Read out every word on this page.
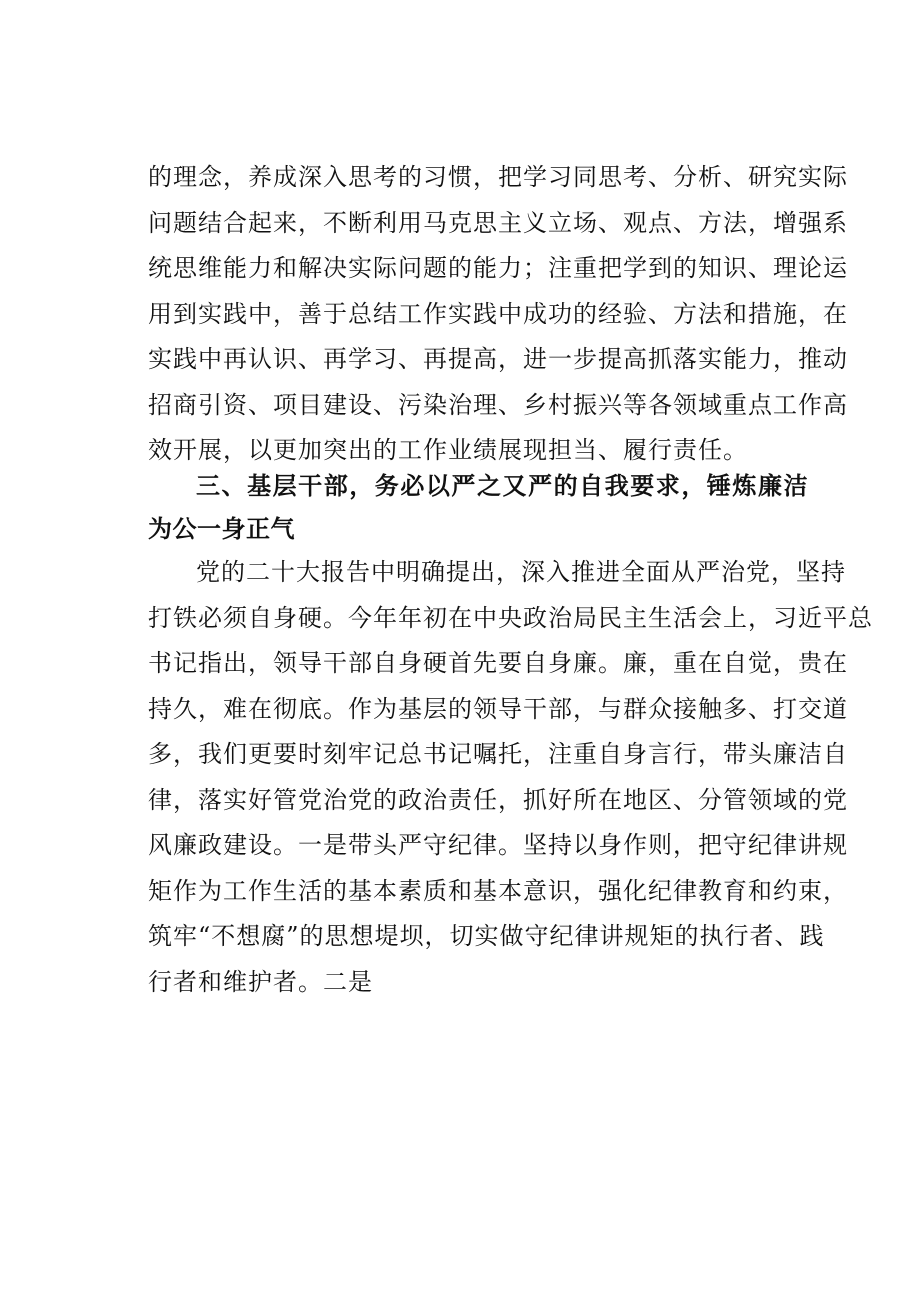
的理念，养成深入思考的习惯，把学习同思考、分析、研究实际
问题结合起来，不断利用马克思主义立场、观点、方法，增强系
统思维能力和解决实际问题的能力；注重把学到的知识、理论运
用到实践中，善于总结工作实践中成功的经验、方法和措施，在
实践中再认识、再学习、再提高，进一步提高抓落实能力，推动
招商引资、项目建设、污染治理、乡村振兴等各领域重点工作高
效开展，以更加突出的工作业绩展现担当、履行责任。
三、基层干部，务必以严之又严的自我要求，锤炼廉洁
为公一身正气
党的二十大报告中明确提出，深入推进全面从严治党，坚持
打铁必须自身硬。今年年初在中央政治局民主生活会上，习近平总
书记指出，领导干部自身硬首先要自身廉。廉，重在自觉，贵在
持久，难在彻底。作为基层的领导干部，与群众接触多、打交道
多，我们更要时刻牢记总书记嘱托，注重自身言行，带头廉洁自
律，落实好管党治党的政治责任，抓好所在地区、分管领域的党
风廉政建设。一是带头严守纪律。坚持以身作则，把守纪律讲规
矩作为工作生活的基本素质和基本意识，强化纪律教育和约束，
筑牢“不想腐”的思想堤坝，切实做守纪律讲规矩的执行者、践
行者和维护者。二是
